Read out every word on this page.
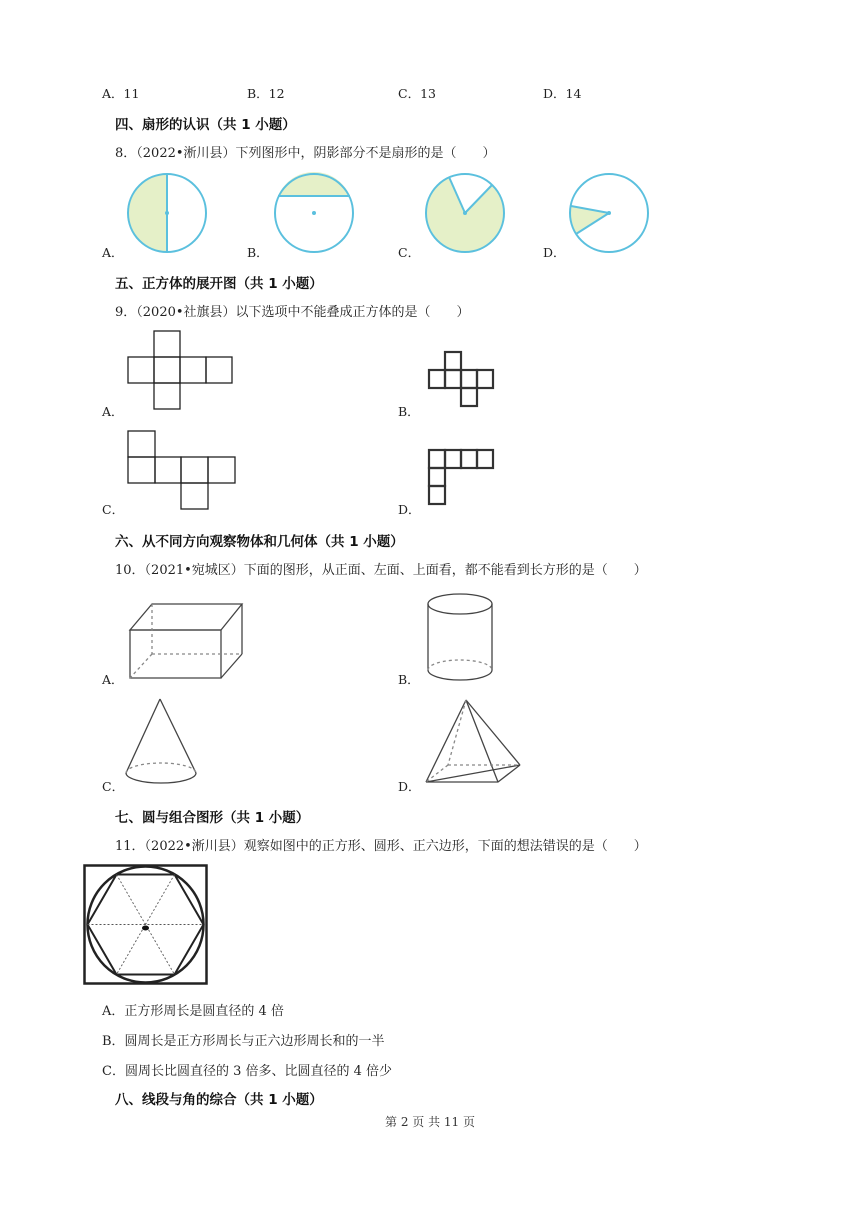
A．11	B．12	C．13	D．14
四、扇形的认识（共 1 小题）
8．（2022•淅川县）下列图形中，阴影部分不是扇形的是（　　）
A．	B．	C．	D．
五、正方体的展开图（共 1 小题）
9．（2020•社旗县）以下选项中不能叠成正方体的是（　　）
A．	B．
C．	D．
六、从不同方向观察物体和几何体（共 1 小题）
10．（2021•宛城区）下面的图形，从正面、左面、上面看，都不能看到长方形的是（　　）
A．	B．
C．	D．
七、圆与组合图形（共 1 小题）
11．（2022•淅川县）观察如图中的正方形、圆形、正六边形，下面的想法错误的是（　　）
A．正方形周长是圆直径的 4 倍
B．圆周长是正方形周长与正六边形周长和的一半
C．圆周长比圆直径的 3 倍多、比圆直径的 4 倍少
八、线段与角的综合（共 1 小题）
第 2 页 共 11 页
